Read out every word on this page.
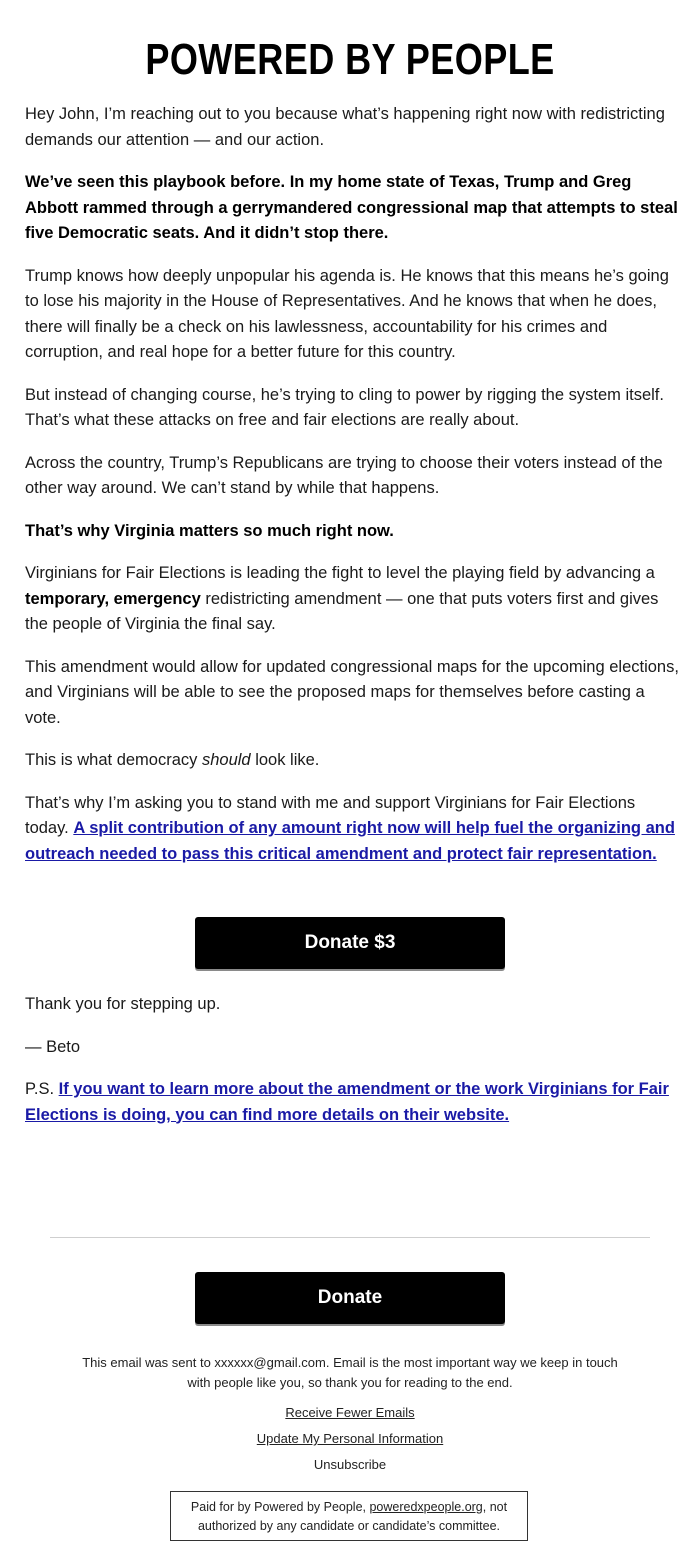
POWERED BY PEOPLE

Hey John, I’m reaching out to you because what’s happening right now with redistricting demands our attention — and our action.

We’ve seen this playbook before. In my home state of Texas, Trump and Greg Abbott rammed through a gerrymandered congressional map that attempts to steal five Democratic seats. And it didn’t stop there.

Trump knows how deeply unpopular his agenda is. He knows that this means he’s going to lose his majority in the House of Representatives. And he knows that when he does, there will finally be a check on his lawlessness, accountability for his crimes and corruption, and real hope for a better future for this country.

But instead of changing course, he’s trying to cling to power by rigging the system itself. That’s what these attacks on free and fair elections are really about.

Across the country, Trump’s Republicans are trying to choose their voters instead of the other way around. We can’t stand by while that happens.

That’s why Virginia matters so much right now.

Virginians for Fair Elections is leading the fight to level the playing field by advancing a temporary, emergency redistricting amendment — one that puts voters first and gives the people of Virginia the final say.

This amendment would allow for updated congressional maps for the upcoming elections, and Virginians will be able to see the proposed maps for themselves before casting a vote.

This is what democracy should look like.

That’s why I’m asking you to stand with me and support Virginians for Fair Elections today. A split contribution of any amount right now will help fuel the organizing and outreach needed to pass this critical amendment and protect fair representation.

Donate $3

Thank you for stepping up.

— Beto

P.S. If you want to learn more about the amendment or the work Virginians for Fair Elections is doing, you can find more details on their website.

Donate
This email was sent to xxxxxx@gmail.com. Email is the most important way we keep in touch
with people like you, so thank you for reading to the end.
Receive Fewer Emails
Update My Personal Information
Unsubscribe
Paid for by Powered by People, poweredxpeople.org, not
authorized by any candidate or candidate’s committee.
